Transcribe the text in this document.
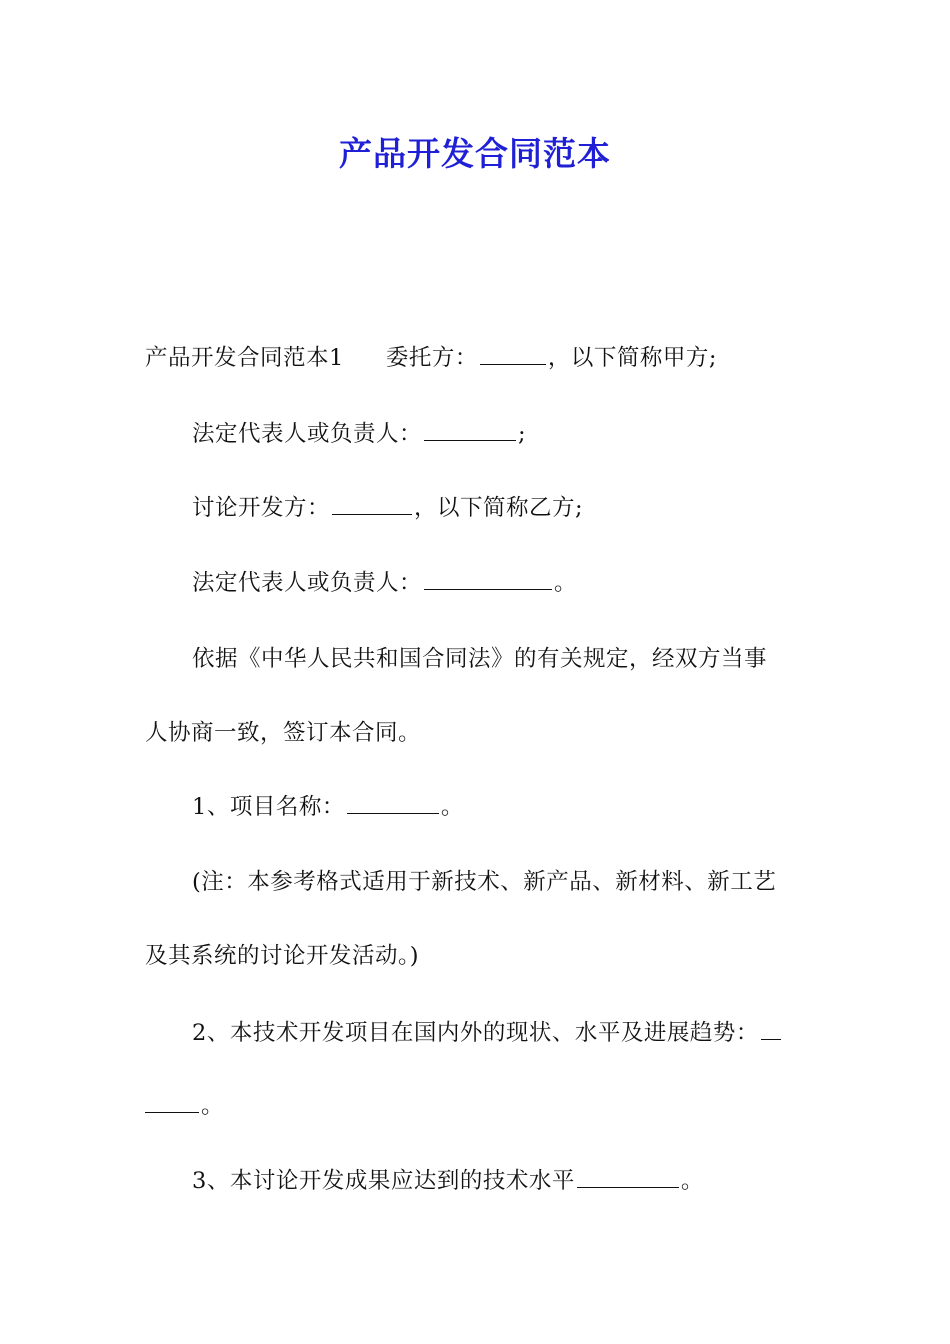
产品开发合同范本
产品开发合同范本1 委托方：	，以下简称甲方;
法定代表人或负责人：	;
讨论开发方：	，以下简称乙方;
法定代表人或负责人：	。
依据《中华人民共和国合同法》的有关规定，经双方当事
人协商一致，签订本合同。
1、项目名称：	。
(注：本参考格式适用于新技术、新产品、新材料、新工艺
及其系统的讨论开发活动。)
2、本技术开发项目在国内外的现状、水平及进展趋势：
。
3、本讨论开发成果应达到的技术水平	。
